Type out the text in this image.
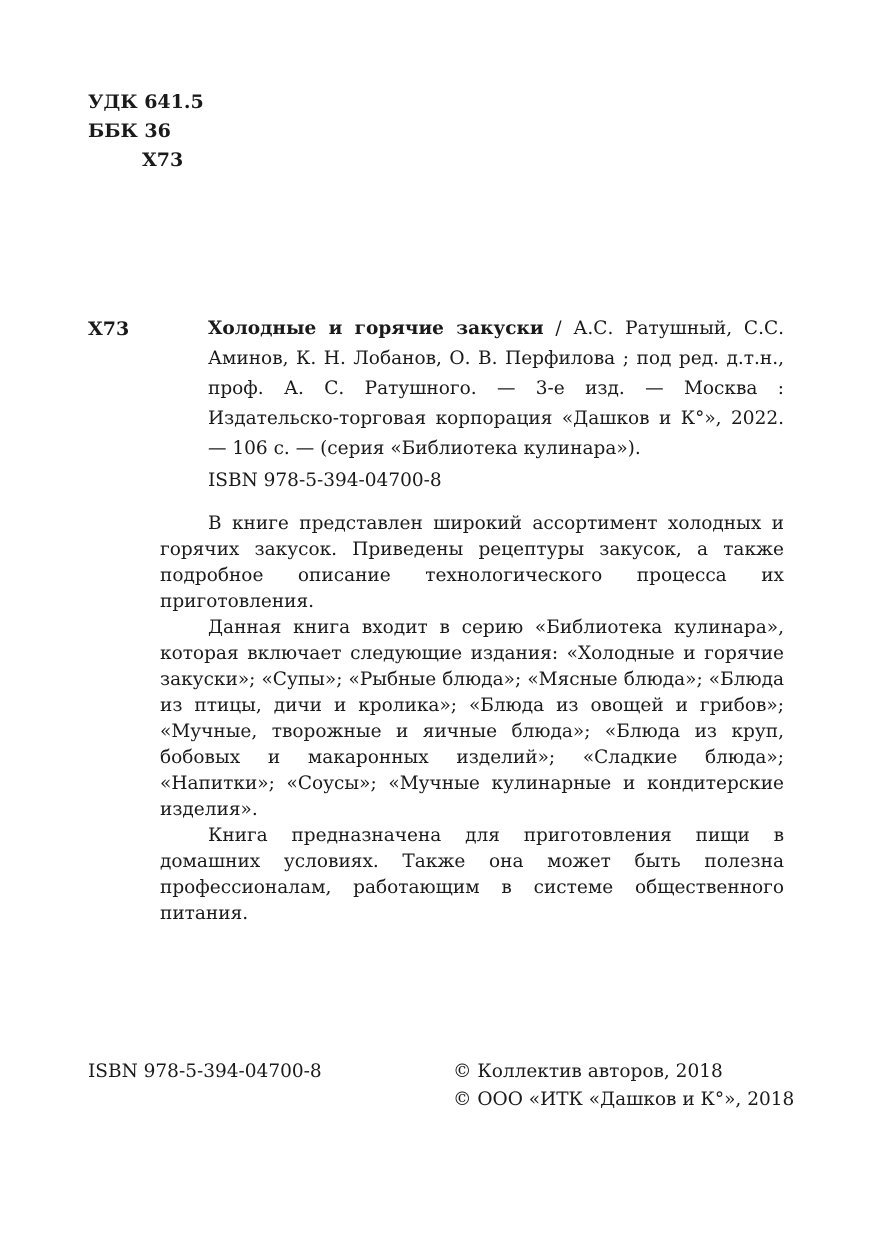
УДК 641.5
ББК 36
Х73
Х73	Холодные и горячие закуски / А.С. Ратушный, С.С. Аминов, К. Н. Лобанов, О. В. Перфилова ; под ред. д.т.н., проф. А. С. Ратушного. — 3-е изд. — Москва : Издательско-торговая корпорация «Дашков и К°», 2022. — 106 с. — (серия «Библиотека кулинара»).
ISBN 978-5-394-04700-8

В книге представлен широкий ассортимент холодных и горячих закусок. Приведены рецептуры закусок, а также подробное описание технологического процесса их приготовления.

Данная книга входит в серию «Библиотека кулинара», которая включает следующие издания: «Холодные и горячие закуски»; «Супы»; «Рыбные блюда»; «Мясные блюда»; «Блюда из птицы, дичи и кролика»; «Блюда из овощей и грибов»; «Мучные, творожные и яичные блюда»; «Блюда из круп, бобовых и макаронных изделий»; «Сладкие блюда»; «Напитки»; «Соусы»; «Мучные кулинарные и кондитерские изделия».

Книга предназначена для приготовления пищи в домашних условиях. Также она может быть полезна профессионалам, работающим в системе общественного питания.

ISBN 978-5-394-04700-8	© Коллектив авторов, 2018
© ООО «ИТК «Дашков и К°», 2018
